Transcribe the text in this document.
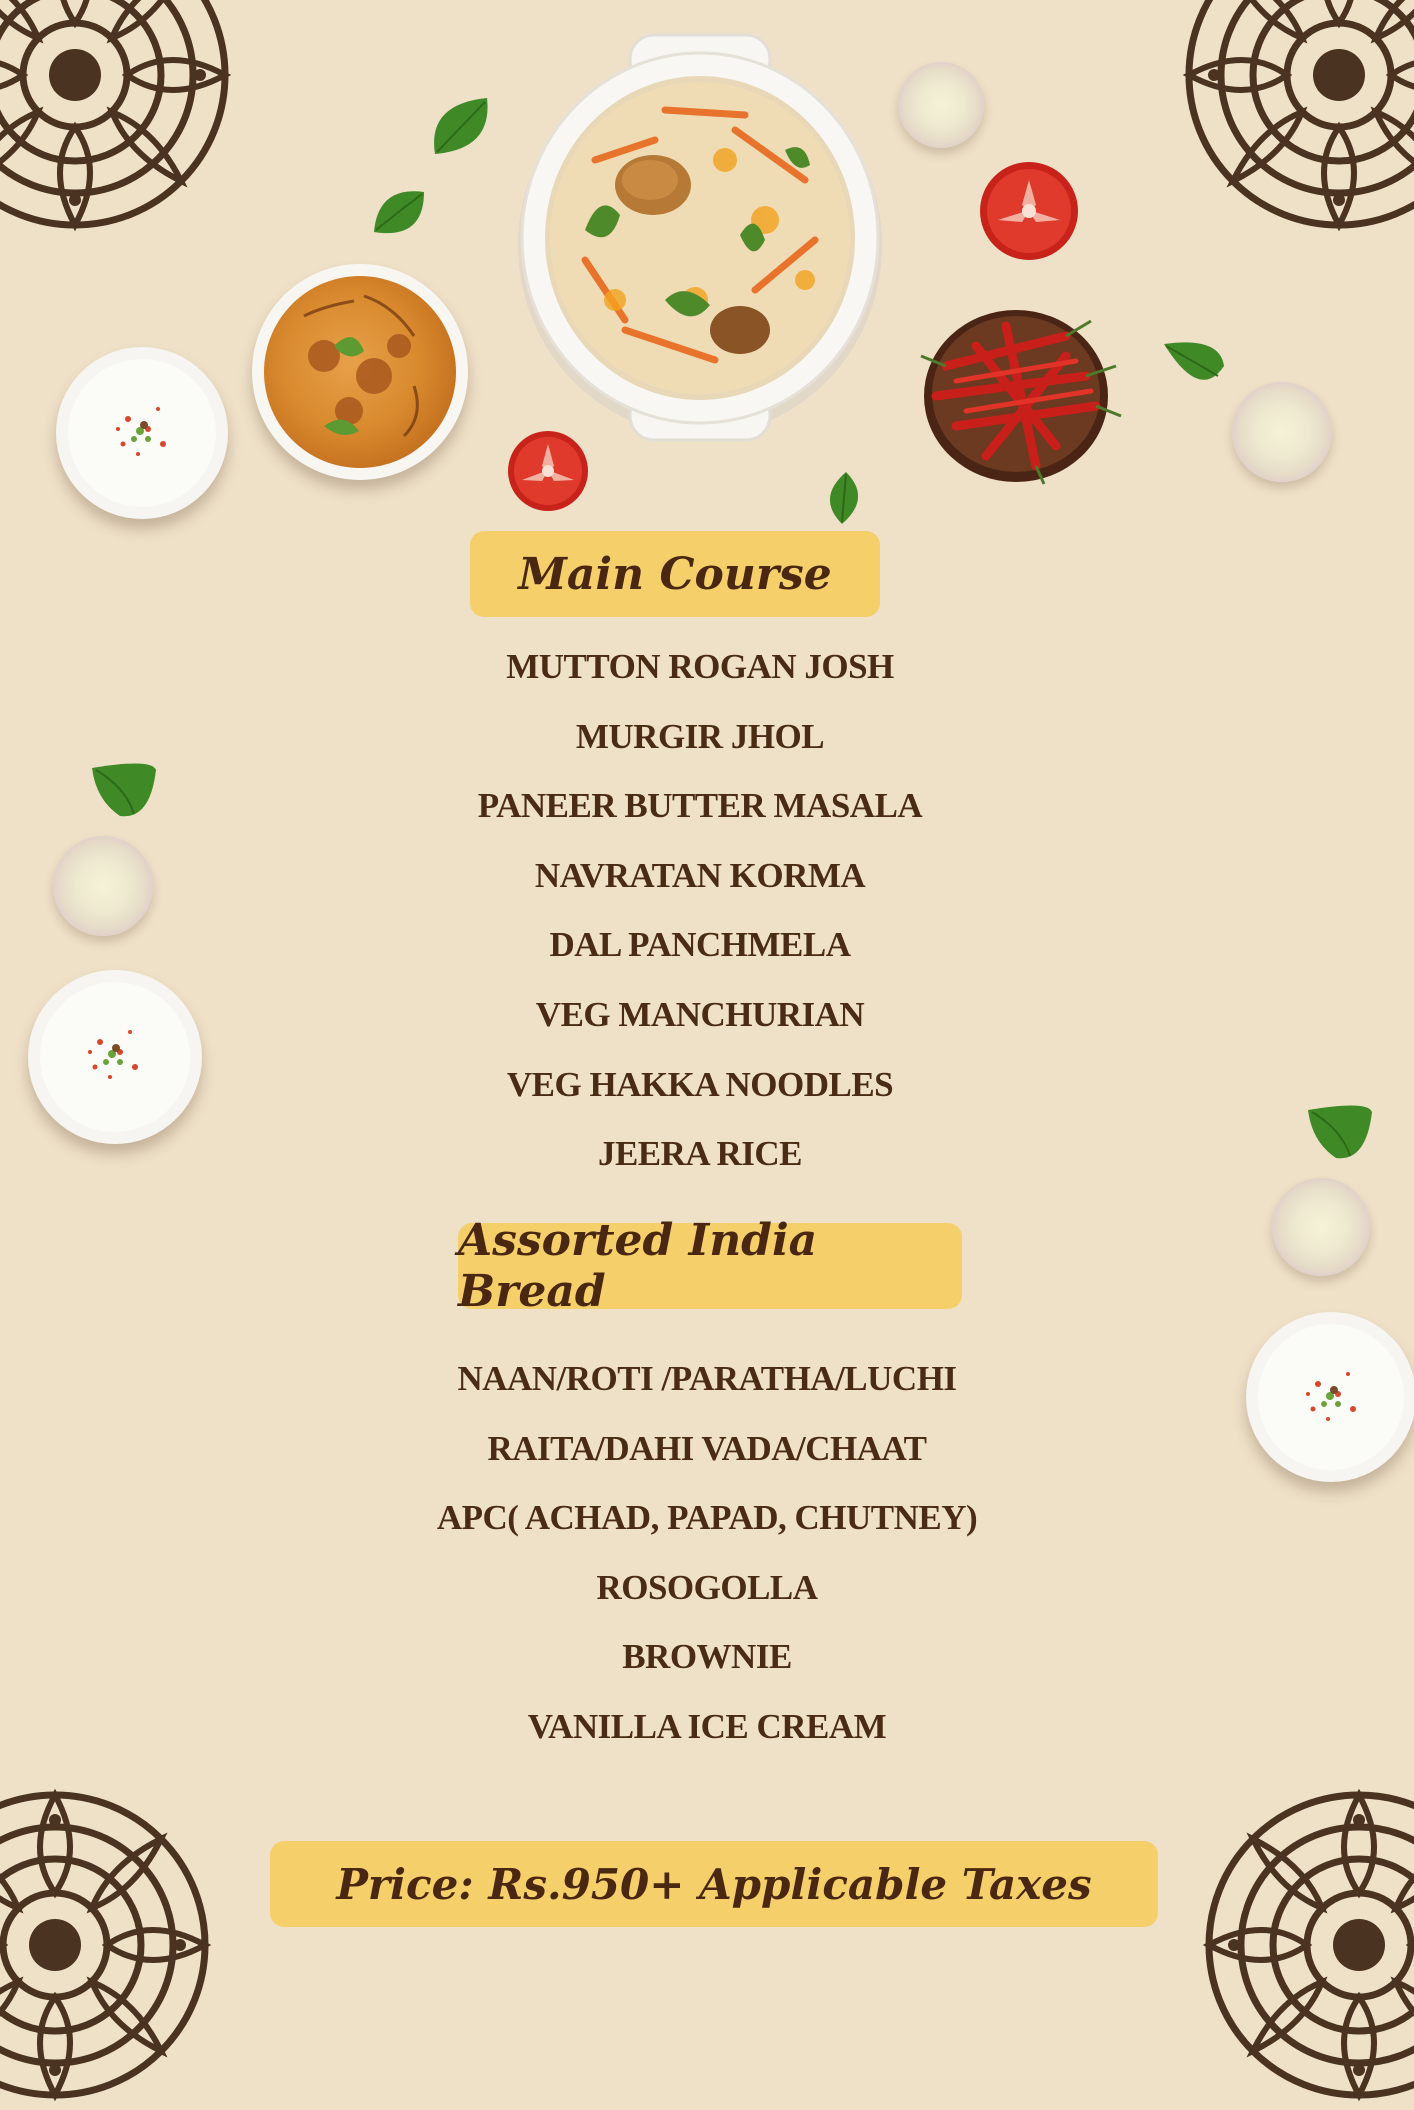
Main Course
MUTTON ROGAN JOSH
MURGIR JHOL
PANEER BUTTER MASALA
NAVRATAN KORMA
DAL PANCHMELA
VEG MANCHURIAN
VEG HAKKA NOODLES
JEERA RICE
Assorted India Bread
NAAN/ROTI /PARATHA/LUCHI
RAITA/DAHI VADA/CHAAT
APC( ACHAD, PAPAD, CHUTNEY)
ROSOGOLLA
BROWNIE
VANILLA ICE CREAM
Price: Rs.950+ Applicable Taxes
